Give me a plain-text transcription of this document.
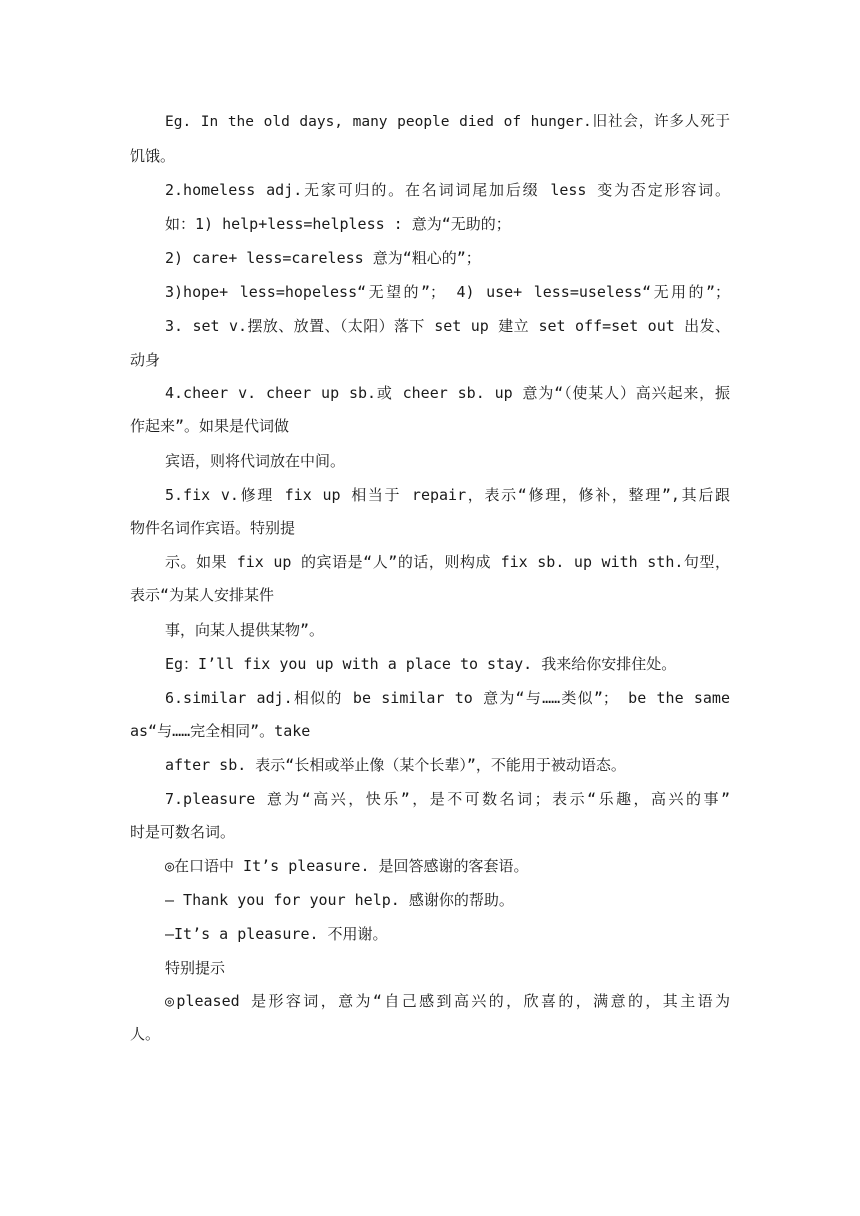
Eg. In the old days, many people died of hunger.旧社会，许多人死于
饥饿。
2.homeless adj.无家可归的。在名词词尾加后缀 less 变为否定形容词。
如：1) help+less=helpless : 意为“无助的；
2) care+ less=careless 意为“粗心的”；
3)hope+ less=hopeless“无望的”； 4) use+ less=useless“无用的”；
3. set v.摆放、放置、（太阳）落下 set up 建立 set off=set out 出发、
动身
4.cheer v. cheer up sb.或 cheer sb. up 意为“（使某人）高兴起来，振
作起来”。如果是代词做
宾语，则将代词放在中间。
5.fix v.修理 fix up 相当于 repair，表示“修理，修补，整理”,其后跟
物件名词作宾语。特别提
示。如果 fix up 的宾语是“人”的话，则构成 fix sb. up with sth.句型，
表示“为某人安排某件
事，向某人提供某物”。
Eg：I’ll fix you up with a place to stay. 我来给你安排住处。
6.similar adj.相似的 be similar to 意为“与……类似”； be the same
as“与……完全相同”。take
after sb. 表示“长相或举止像（某个长辈）”，不能用于被动语态。
7.pleasure 意为“高兴，快乐”，是不可数名词；表示“乐趣，高兴的事”
时是可数名词。
◎在口语中 It’s pleasure. 是回答感谢的客套语。
— Thank you for your help. 感谢你的帮助。
—It’s a pleasure. 不用谢。
特别提示
◎pleased 是形容词，意为“自己感到高兴的，欣喜的，满意的，其主语为
人。
